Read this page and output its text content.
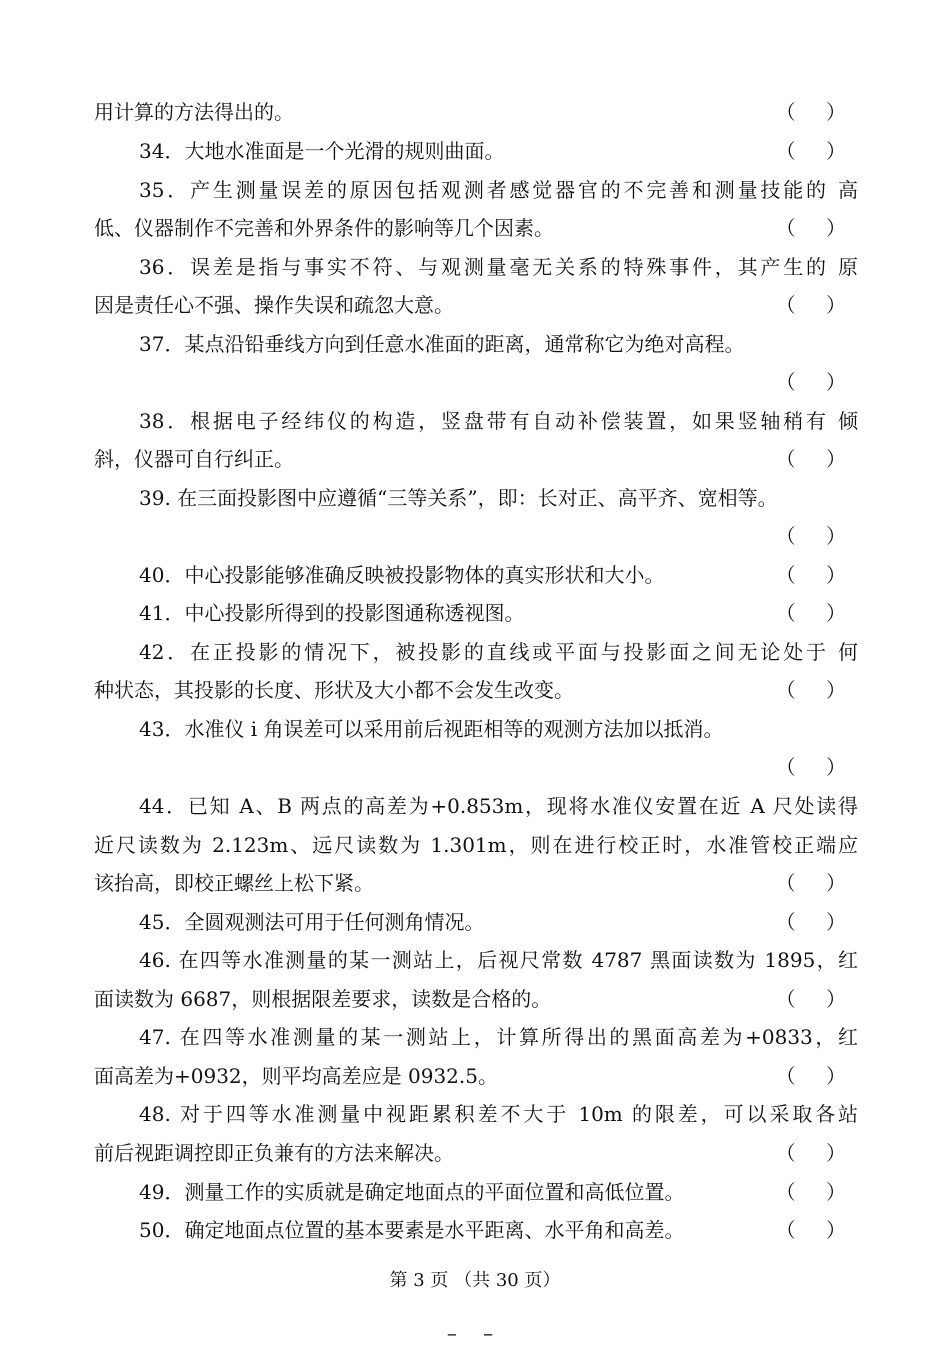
用计算的方法得出的。	（ ）
34．大地水准面是一个光滑的规则曲面。	（ ）
35．产生测量误差的原因包括观测者感觉器官的不完善和测量技能的 高
低、仪器制作不完善和外界条件的影响等几个因素。	（ ）
36．误差是指与事实不符、与观测量毫无关系的特殊事件，其产生的 原
因是责任心不强、操作失误和疏忽大意。	（ ）
37．某点沿铅垂线方向到任意水准面的距离，通常称它为绝对高程。
（ ）
38．根据电子经纬仪的构造，竖盘带有自动补偿装置，如果竖轴稍有 倾
斜，仪器可自行纠正。	（ ）
39. 在三面投影图中应遵循“三等关系”，即：长对正、高平齐、宽相等。
（ ）
40．中心投影能够准确反映被投影物体的真实形状和大小。	（ ）
41．中心投影所得到的投影图通称透视图。	（ ）
42．在正投影的情况下，被投影的直线或平面与投影面之间无论处于 何
种状态，其投影的长度、形状及大小都不会发生改变。	（ ）
43．水准仪 i 角误差可以采用前后视距相等的观测方法加以抵消。
（ ）
44．已知 A、B 两点的高差为+0.853m，现将水准仪安置在近 A 尺处读得
近尺读数为 2.123m、远尺读数为 1.301m，则在进行校正时，水准管校正端应
该抬高，即校正螺丝上松下紧。	（ ）
45．全圆观测法可用于任何测角情况。	（ ）
46. 在四等水准测量的某一测站上，后视尺常数 4787 黑面读数为 1895，红
面读数为 6687，则根据限差要求，读数是合格的。	（ ）
47. 在四等水准测量的某一测站上，计算所得出的黑面高差为+0833，红
面高差为+0932，则平均高差应是 0932.5。	（ ）
48. 对于四等水准测量中视距累积差不大于 10m 的限差，可以采取各站
前后视距调控即正负兼有的方法来解决。	（ ）
49．测量工作的实质就是确定地面点的平面位置和高低位置。	（ ）
50．确定地面点位置的基本要素是水平距离、水平角和高差。	（ ）
第 3 页 （共 30 页）
– –
